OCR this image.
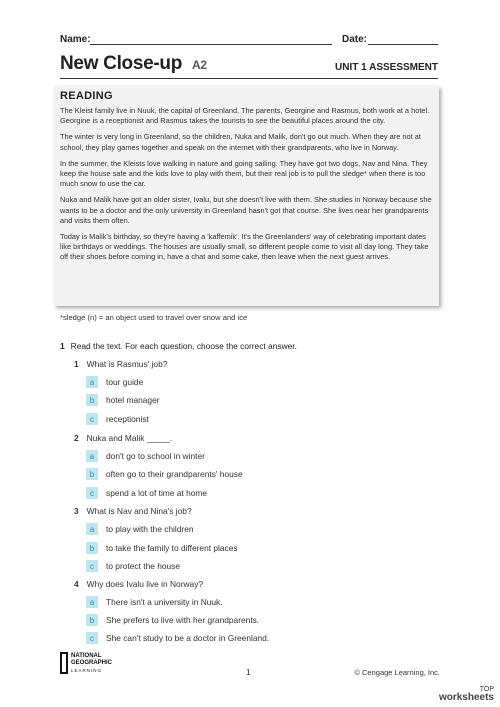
Name:	Date:
New Close-up A2	UNIT 1 ASSESSMENT
READING

The Kleist family live in Nuuk, the capital of Greenland. The parents, Georgine and Rasmus, both work at a hotel. Georgine is a receptionist and Rasmus takes the tourists to see the beautiful places around the city.

The winter is very long in Greenland, so the children, Nuka and Malik, don't go out much. When they are not at school, they play games together and speak on the internet with their grandparents, who live in Norway.

In the summer, the Kleists love walking in nature and going sailing. They have got two dogs, Nav and Nina. They keep the house safe and the kids love to play with them, but their real job is to pull the sledge* when there is too much snow to use the car.

Nuka and Malik have got an older sister, Ivalu, but she doesn't live with them. She studies in Norway because she wants to be a doctor and the only university in Greenland hasn't got that course. She lives near her grandparents and visits them often.

Today is Malik's birthday, so they're having a 'kaffemik'. It's the Greenlanders' way of celebrating important dates like birthdays or weddings. The houses are usually small, so different people come to visit all day long. They take off their shoes before coming in, have a chat and some cake, then leave when the next guest arrives.

*sledge (n) = an object used to travel over snow and ice
1 Read the text. For each question, choose the correct answer.
1 What is Rasmus' job?
a	tour guide
b	hotel manager
c	receptionist
2 Nuka and Malik _____.
a	don't go to school in winter
b	often go to their grandparents' house
c	spend a lot of time at home
3 What is Nav and Nina's job?
a	to play with the children
b	to take the family to different places
c	to protect the house
4 Why does Ivalu live in Norway?
a	There isn't a university in Nuuk.
b	She prefers to live with her grandparents.
c	She can't study to be a doctor in Greenland.
NATIONAL
GEOGRAPHIC
LEARNING	1	© Cengage Learning, Inc.
TOP
worksheets
